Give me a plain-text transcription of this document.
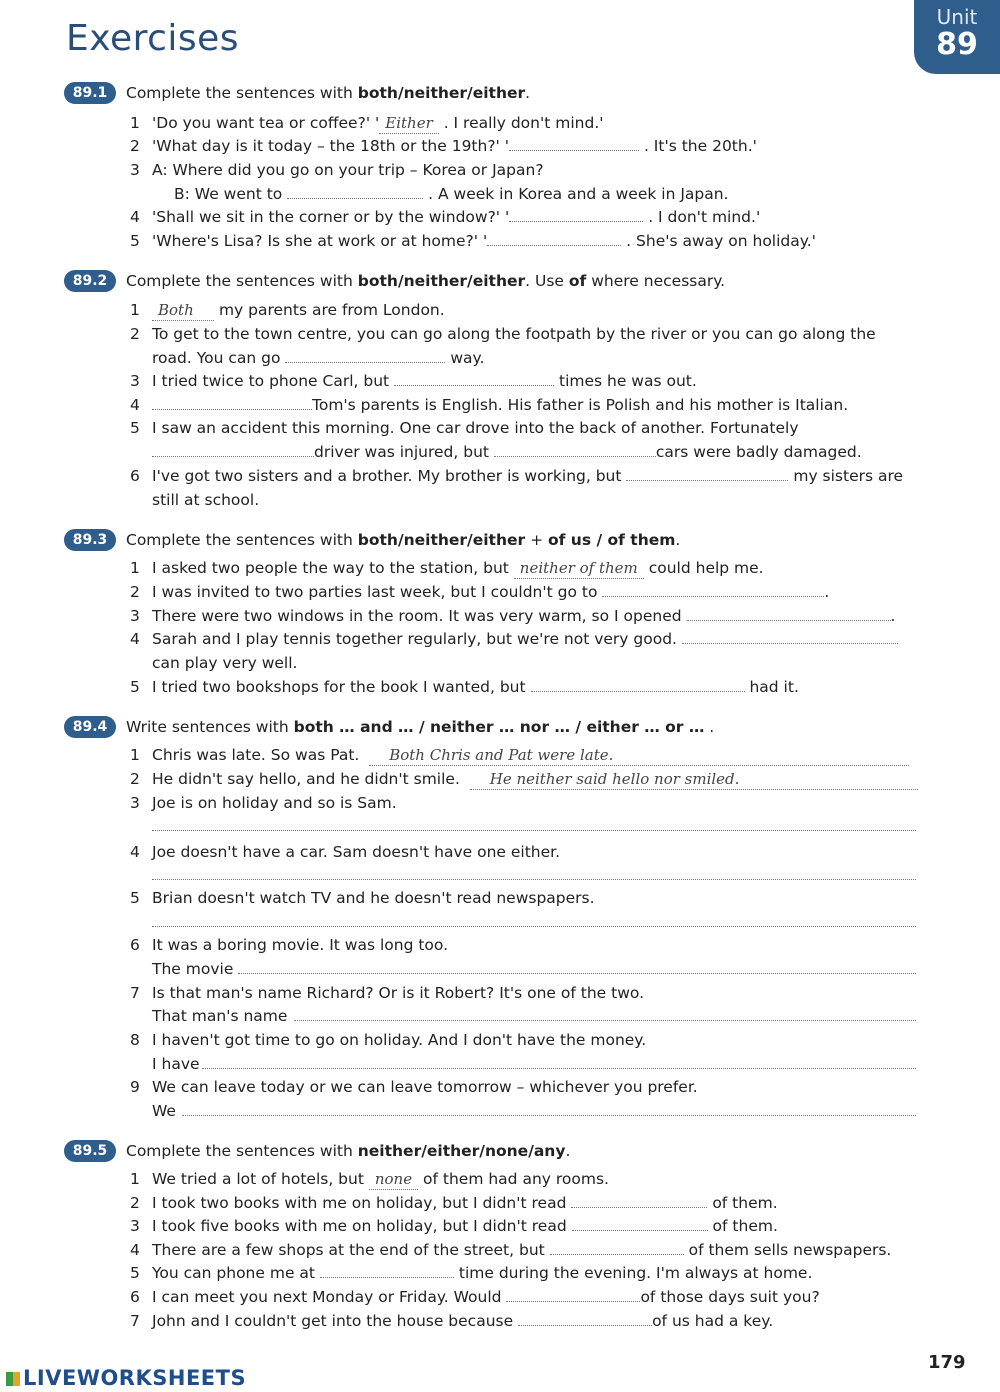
Exercises
Unit
89
89.1	Complete the sentences with both/neither/either.
1 'Do you want tea or coffee?' ' Either . I really don't mind.'
2 'What day is it today – the 18th or the 19th?' '	. It's the 20th.'
3 A: Where did you go on your trip – Korea or Japan?
B: We went to	. A week in Korea and a week in Japan.
4 'Shall we sit in the corner or by the window?' '	. I don't mind.'
5 'Where's Lisa? Is she at work or at home?' '	. She's away on holiday.'
89.2	Complete the sentences with both/neither/either. Use of where necessary.
1	Both my parents are from London.
2 To get to the town centre, you can go along the footpath by the river or you can go along the
road. You can go	way.
3 I tried twice to phone Carl, but	times he was out.
4	Tom's parents is English. His father is Polish and his mother is Italian.
5 I saw an accident this morning. One car drove into the back of another. Fortunately
driver was injured, but	cars were badly damaged.
6 I've got two sisters and a brother. My brother is working, but	my sisters are
still at school.
89.3	Complete the sentences with both/neither/either + of us / of them.
1 I asked two people the way to the station, but neither of them could help me.
2 I was invited to two parties last week, but I couldn't go to	.
3 There were two windows in the room. It was very warm, so I opened	.
4 Sarah and I play tennis together regularly, but we're not very good.
can play very well.
5 I tried two bookshops for the book I wanted, but	had it.
89.4	Write sentences with both … and … / neither … nor … / either … or … .
1 Chris was late. So was Pat. Both Chris and Pat were late.
2 He didn't say hello, and he didn't smile. He neither said hello nor smiled.
3 Joe is on holiday and so is Sam.
4 Joe doesn't have a car. Sam doesn't have one either.
5 Brian doesn't watch TV and he doesn't read newspapers.
6 It was a boring movie. It was long too.
The movie
7 Is that man's name Richard? Or is it Robert? It's one of the two.
That man's name
8 I haven't got time to go on holiday. And I don't have the money.
I have
9 We can leave today or we can leave tomorrow – whichever you prefer.
We
89.5	Complete the sentences with neither/either/none/any.
1 We tried a lot of hotels, but none of them had any rooms.
2 I took two books with me on holiday, but I didn't read	of them.
3 I took five books with me on holiday, but I didn't read	of them.
4 There are a few shops at the end of the street, but	of them sells newspapers.
5 You can phone me at	time during the evening. I'm always at home.
6 I can meet you next Monday or Friday. Would	of those days suit you?
7 John and I couldn't get into the house because	of us had a key.
179
LIVEWORKSHEETS
